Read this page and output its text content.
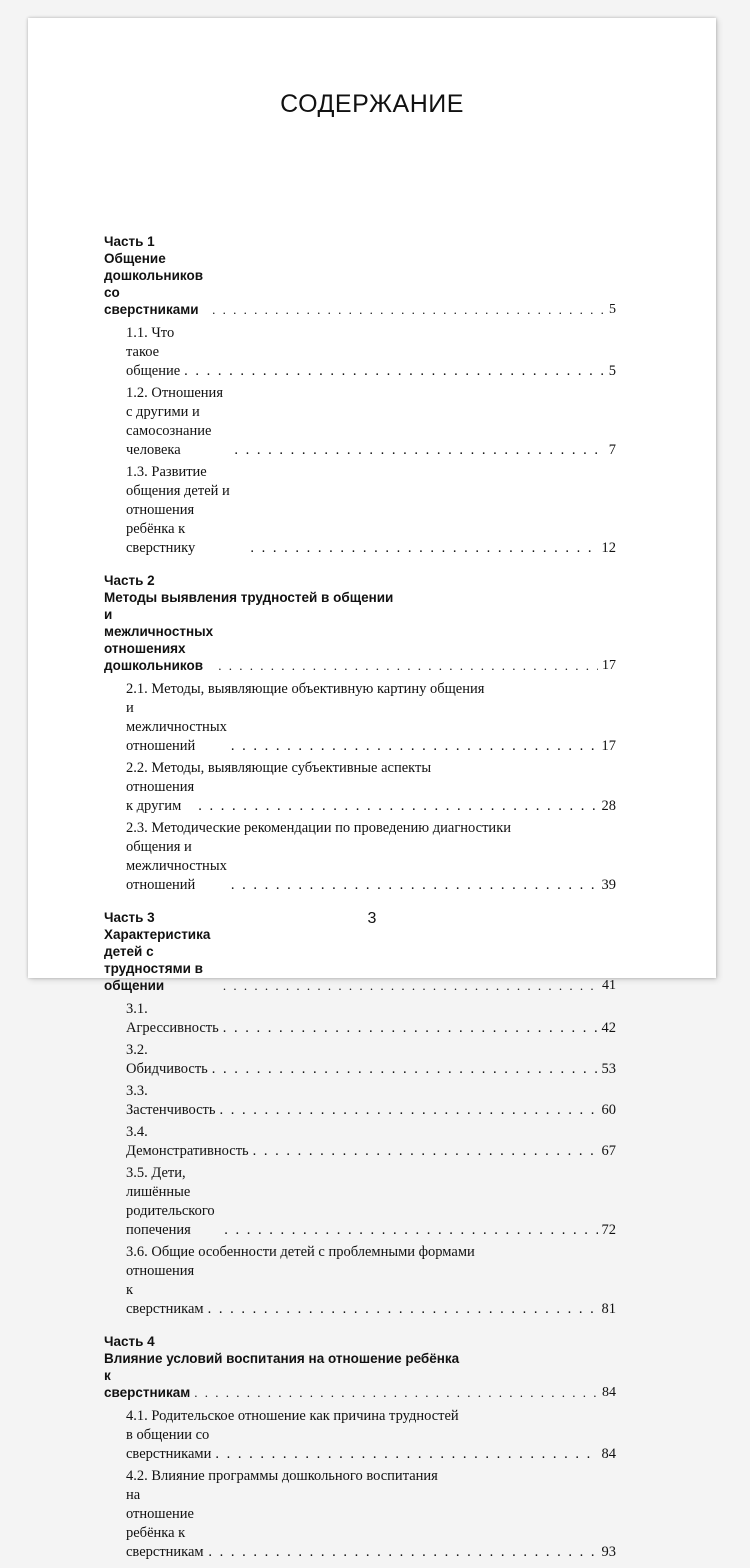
СОДЕРЖАНИЕ
Часть 1
Общение дошкольников со сверстниками . . .	5
1.1. Что такое общение . . .	5
1.2. Отношения с другими и самосознание человека . . .	7
1.3. Развитие общения детей и отношения ребёнка к сверстнику . . .	12
Часть 2
Методы выявления трудностей в общении
и межличностных отношениях дошкольников . . .	17
2.1. Методы, выявляющие объективную картину общения
и межличностных отношений . . .	17
2.2. Методы, выявляющие субъективные аспекты
отношения к другим . . .	28
2.3. Методические рекомендации по проведению диагностики
общения и межличностных отношений . . .	39
Часть 3
Характеристика детей с трудностями в общении . . .	41
3.1. Агрессивность . . .	42
3.2. Обидчивость . . .	53
3.3. Застенчивость . . .	60
3.4. Демонстративность . . .	67
3.5. Дети, лишённые родительского попечения . . .	72
3.6. Общие особенности детей с проблемными формами
отношения к сверстникам . . .	81
Часть 4
Влияние условий воспитания на отношение ребёнка
к сверстникам . . .	84
4.1. Родительское отношение как причина трудностей
в общении со сверстниками . . .	84
4.2. Влияние программы дошкольного воспитания
на отношение ребёнка к сверстникам . . .	93
3
